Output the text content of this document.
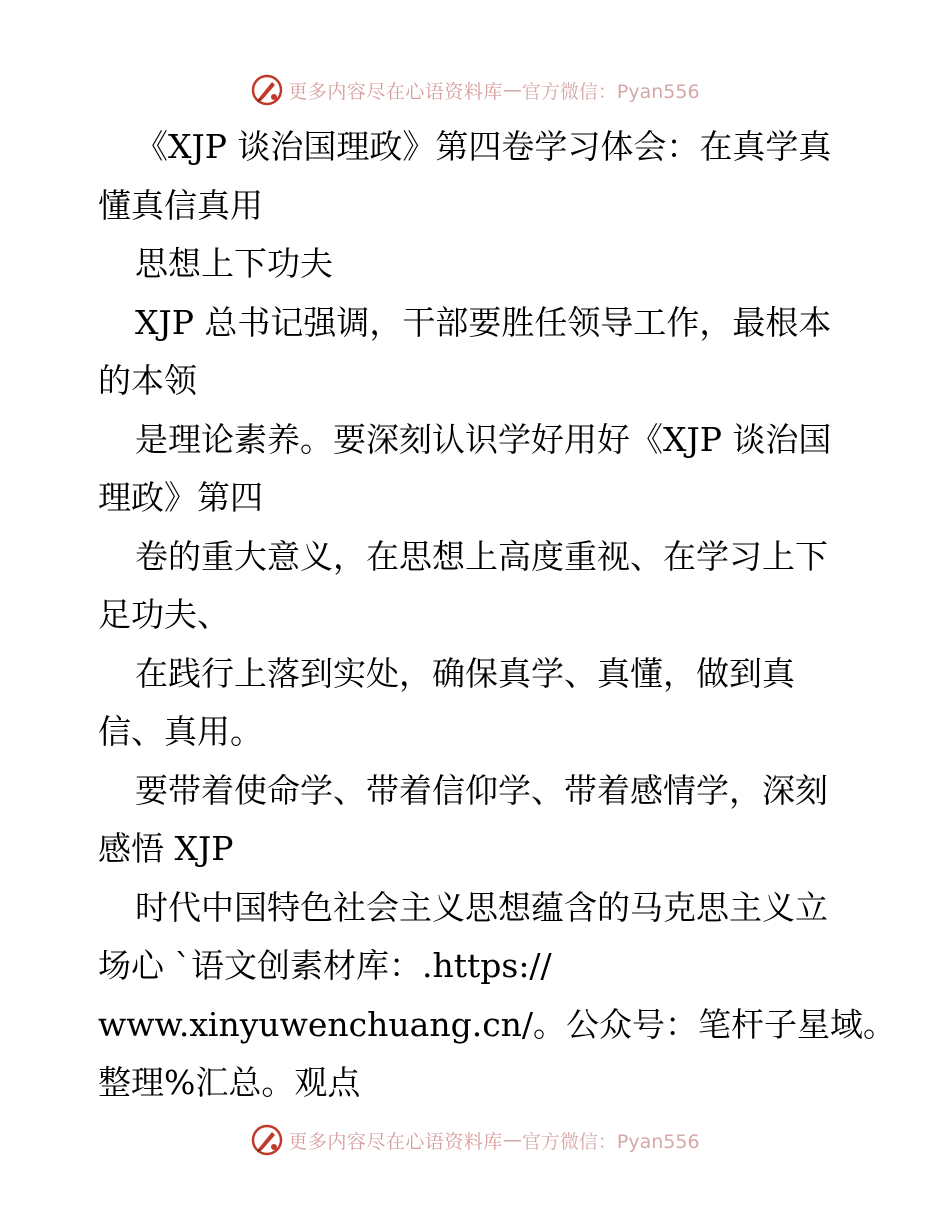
更多内容尽在心语资料库 — 官方微信：Pyan556
《XJP 谈治国理政》第四卷学习体会：在真学真
懂真信真用
思想上下功夫
XJP 总书记强调，干部要胜任领导工作，最根本
的本领
是理论素养。要深刻认识学好用好《XJP 谈治国
理政》第四
卷的重大意义，在思想上高度重视、在学习上下
足功夫、
在践行上落到实处，确保真学、真懂，做到真
信、真用。
要带着使命学、带着信仰学、带着感情学，深刻
感悟 XJP
时代中国特色社会主义思想蕴含的马克思主义立
场心 `语文创素材库：.https://
www.xinyuwenchuang.cn/。公众号：笔杆子星域。
整理%汇总。观点
更多内容尽在心语资料库 — 官方微信：Pyan556
